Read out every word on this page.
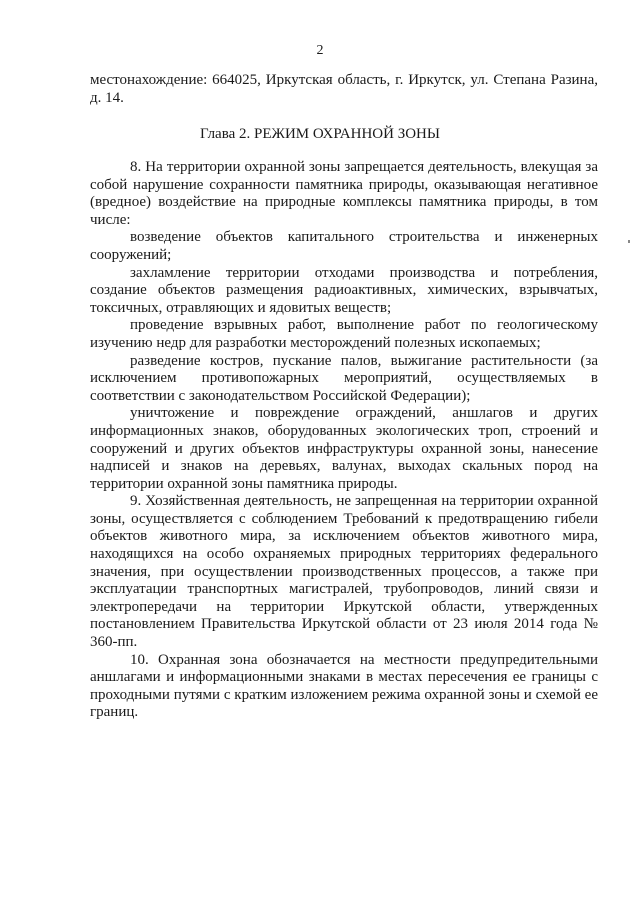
2

местонахождение: 664025, Иркутская область, г. Иркутск, ул. Степана Разина, д. 14.

Глава 2. РЕЖИМ ОХРАННОЙ ЗОНЫ

8. На территории охранной зоны запрещается деятельность, влекущая за собой нарушение сохранности памятника природы, оказывающая негативное (вредное) воздействие на природные комплексы памятника природы, в том числе:

возведение объектов капитального строительства и инженерных сооружений;

захламление территории отходами производства и потребления, создание объектов размещения радиоактивных, химических, взрывчатых, токсичных, отравляющих и ядовитых веществ;

проведение взрывных работ, выполнение работ по геологическому изучению недр для разработки месторождений полезных ископаемых;

разведение костров, пускание палов, выжигание растительности (за исключением противопожарных мероприятий, осуществляемых в соответствии с законодательством Российской Федерации);

уничтожение и повреждение ограждений, аншлагов и других информационных знаков, оборудованных экологических троп, строений и сооружений и других объектов инфраструктуры охранной зоны, нанесение надписей и знаков на деревьях, валунах, выходах скальных пород на территории охранной зоны памятника природы.

9. Хозяйственная деятельность, не запрещенная на территории охранной зоны, осуществляется с соблюдением Требований к предотвращению гибели объектов животного мира, за исключением объектов животного мира, находящихся на особо охраняемых природных территориях федерального значения, при осуществлении производственных процессов, а также при эксплуатации транспортных магистралей, трубопроводов, линий связи и электропередачи на территории Иркутской области, утвержденных постановлением Правительства Иркутской области от 23 июля 2014 года № 360-пп.

10. Охранная зона обозначается на местности предупредительными аншлагами и информационными знаками в местах пересечения ее границы с проходными путями с кратким изложением режима охранной зоны и схемой ее границ.
